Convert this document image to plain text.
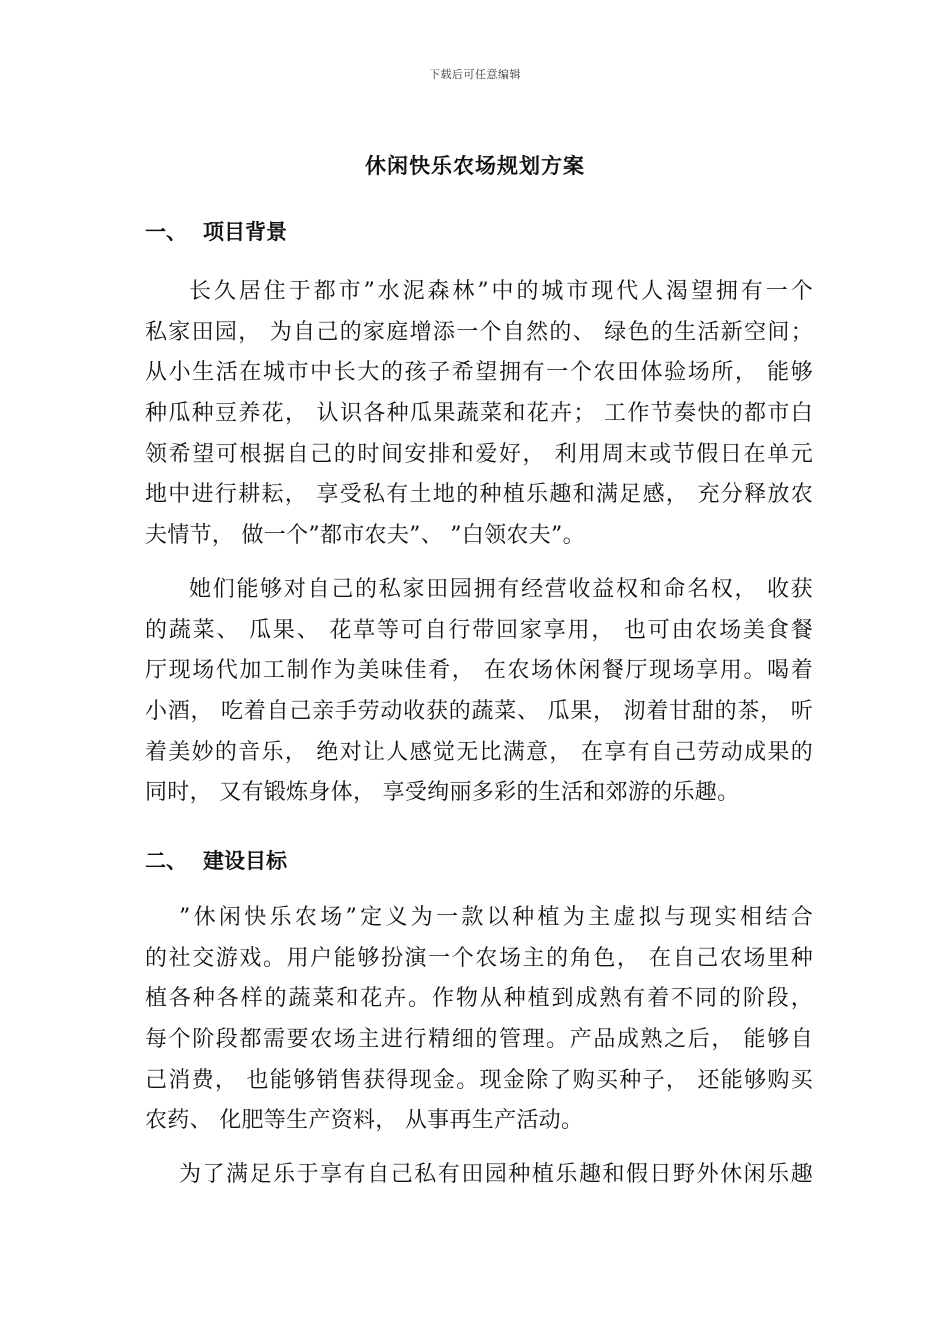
下载后可任意编辑
休闲快乐农场规划方案
一、 项目背景
长久居住于都市”水泥森林”中的城市现代人渴望拥有一个
私家田园， 为自己的家庭增添一个自然的、 绿色的生活新空间；
从小生活在城市中长大的孩子希望拥有一个农田体验场所， 能够
种瓜种豆养花， 认识各种瓜果蔬菜和花卉； 工作节奏快的都市白
领希望可根据自己的时间安排和爱好， 利用周末或节假日在单元
地中进行耕耘， 享受私有土地的种植乐趣和满足感， 充分释放农
夫情节， 做一个”都市农夫”、 ”白领农夫”。
她们能够对自己的私家田园拥有经营收益权和命名权， 收获
的蔬菜、 瓜果、 花草等可自行带回家享用， 也可由农场美食餐
厅现场代加工制作为美味佳肴， 在农场休闲餐厅现场享用。喝着
小酒， 吃着自己亲手劳动收获的蔬菜、 瓜果， 沏着甘甜的茶， 听
着美妙的音乐， 绝对让人感觉无比满意， 在享有自己劳动成果的
同时， 又有锻炼身体， 享受绚丽多彩的生活和郊游的乐趣。
二、 建设目标
”休闲快乐农场”定义为一款以种植为主虚拟与现实相结合
的社交游戏。用户能够扮演一个农场主的角色， 在自己农场里种
植各种各样的蔬菜和花卉。作物从种植到成熟有着不同的阶段，
每个阶段都需要农场主进行精细的管理。产品成熟之后， 能够自
己消费， 也能够销售获得现金。现金除了购买种子， 还能够购买
农药、 化肥等生产资料， 从事再生产活动。
为了满足乐于享有自己私有田园种植乐趣和假日野外休闲乐趣
